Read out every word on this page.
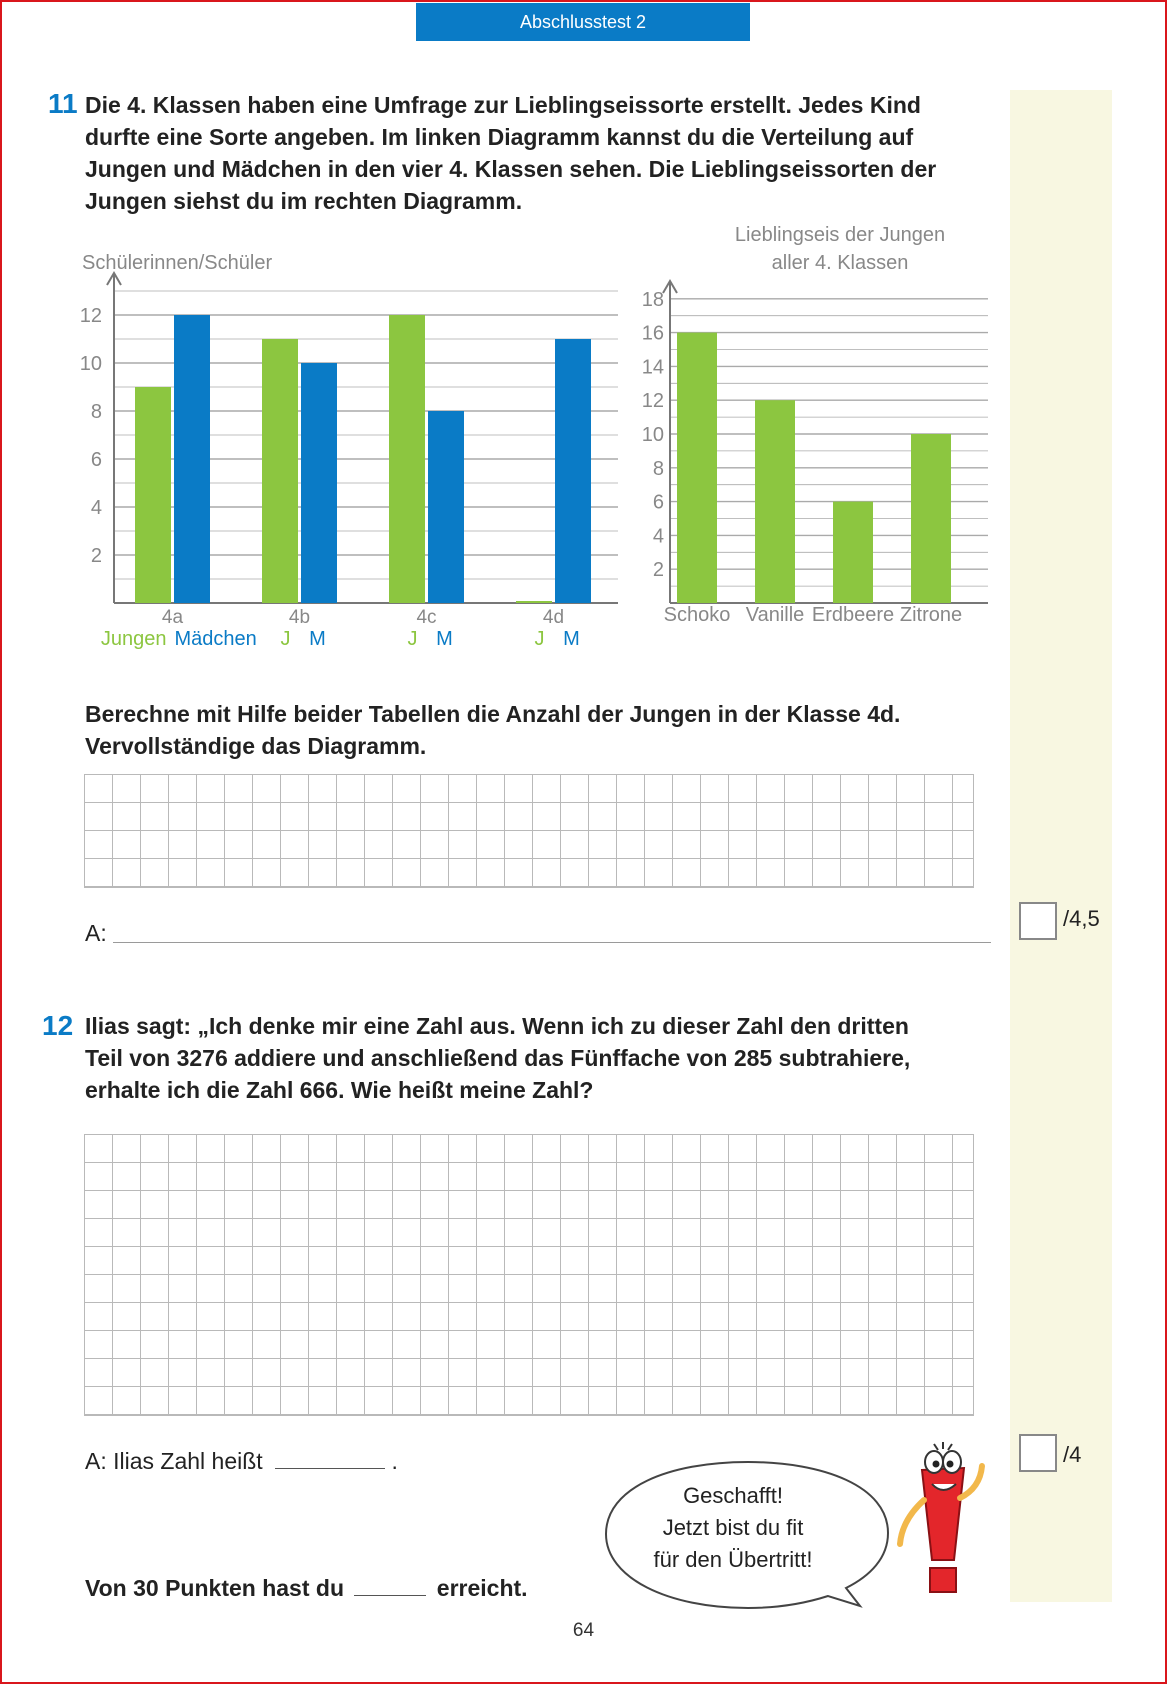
Abschlusstest 2
11 Die 4. Klassen haben eine Umfrage zur Lieblingseissorte erstellt. Jedes Kind
durfte eine Sorte angeben. Im linken Diagramm kannst du die Verteilung auf
Jungen und Mädchen in den vier 4. Klassen sehen. Die Lieblingseissorten der
Jungen siehst du im rechten Diagramm.
Schülerinnen/Schüler
2
4
6
8
10
12
4a
Jungen Mädchen
4b
J M
4c
J M
4d
J M
Lieblingseis der Jungen
aller 4. Klassen
2
4
6
8
10
12
14
16
18
Schoko Vanille Erdbeere Zitrone
Berechne mit Hilfe beider Tabellen die Anzahl der Jungen in der Klasse 4d.
Vervollständige das Diagramm.
A:
/4,5
12 Ilias sagt: „Ich denke mir eine Zahl aus. Wenn ich zu dieser Zahl den dritten
Teil von 3276 addiere und anschließend das Fünffache von 285 subtrahiere,
erhalte ich die Zahl 666. Wie heißt meine Zahl?
A: Ilias Zahl heißt	.	/4
Geschafft!
Jetzt bist du fit
für den Übertritt!
Von 30 Punkten hast du	erreicht.
64
